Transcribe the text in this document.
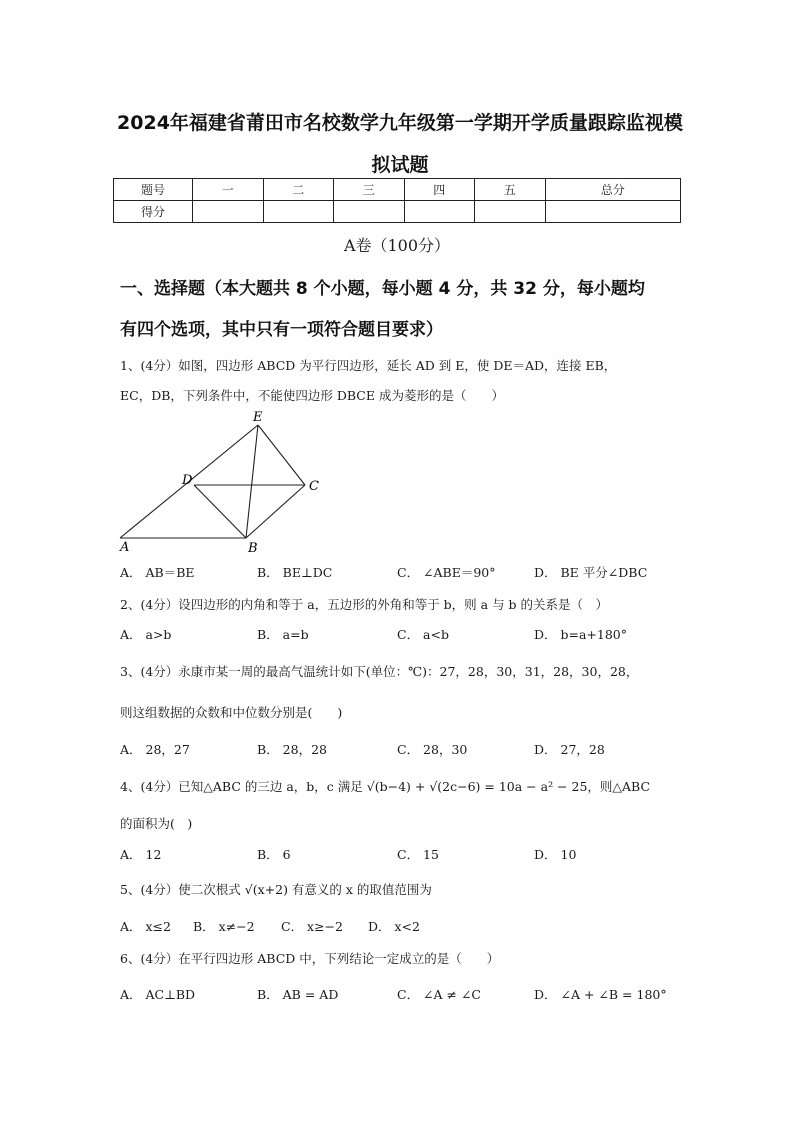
2024年福建省莆田市名校数学九年级第一学期开学质量跟踪监视模
拟试题
题号	一	二	三	四	五	总分
得分						
A卷（100分）
一、选择题（本大题共 8 个小题，每小题 4 分，共 32 分，每小题均
有四个选项，其中只有一项符合题目要求）
1、(4分）如图，四边形 ABCD 为平行四边形，延长 AD 到 E，使 DE＝AD，连接 EB，
EC，DB，下列条件中，不能使四边形 DBCE 成为菱形的是（　　）
E
D	C
A	B
A． AB＝BE	B． BE⊥DC	C． ∠ABE＝90°	D． BE 平分∠DBC
2、(4分）设四边形的内角和等于 a，五边形的外角和等于 b，则 a 与 b 的关系是（　）
A． a>b	B． a=b	C． a<b	D． b=a+180°
3、(4分）永康市某一周的最高气温统计如下(单位：℃)：27，28，30，31，28，30，28，
则这组数据的众数和中位数分别是(　　)
A． 28，27	B． 28，28	C． 28，30	D． 27，28
4、(4分）已知△ABC 的三边 a，b，c 满足 √(b−4) + √(2c−6) = 10a − a² − 25，则△ABC
的面积为(　)
A． 12	B． 6	C． 15	D． 10
5、(4分）使二次根式 √(x+2) 有意义的 x 的取值范围为
A． x≤2 B． x≠−2 C． x≥−2 D． x<2
6、(4分）在平行四边形 ABCD 中，下列结论一定成立的是（　　）
A． AC⊥BD	B． AB = AD	C． ∠A ≠ ∠C	D． ∠A + ∠B = 180°
